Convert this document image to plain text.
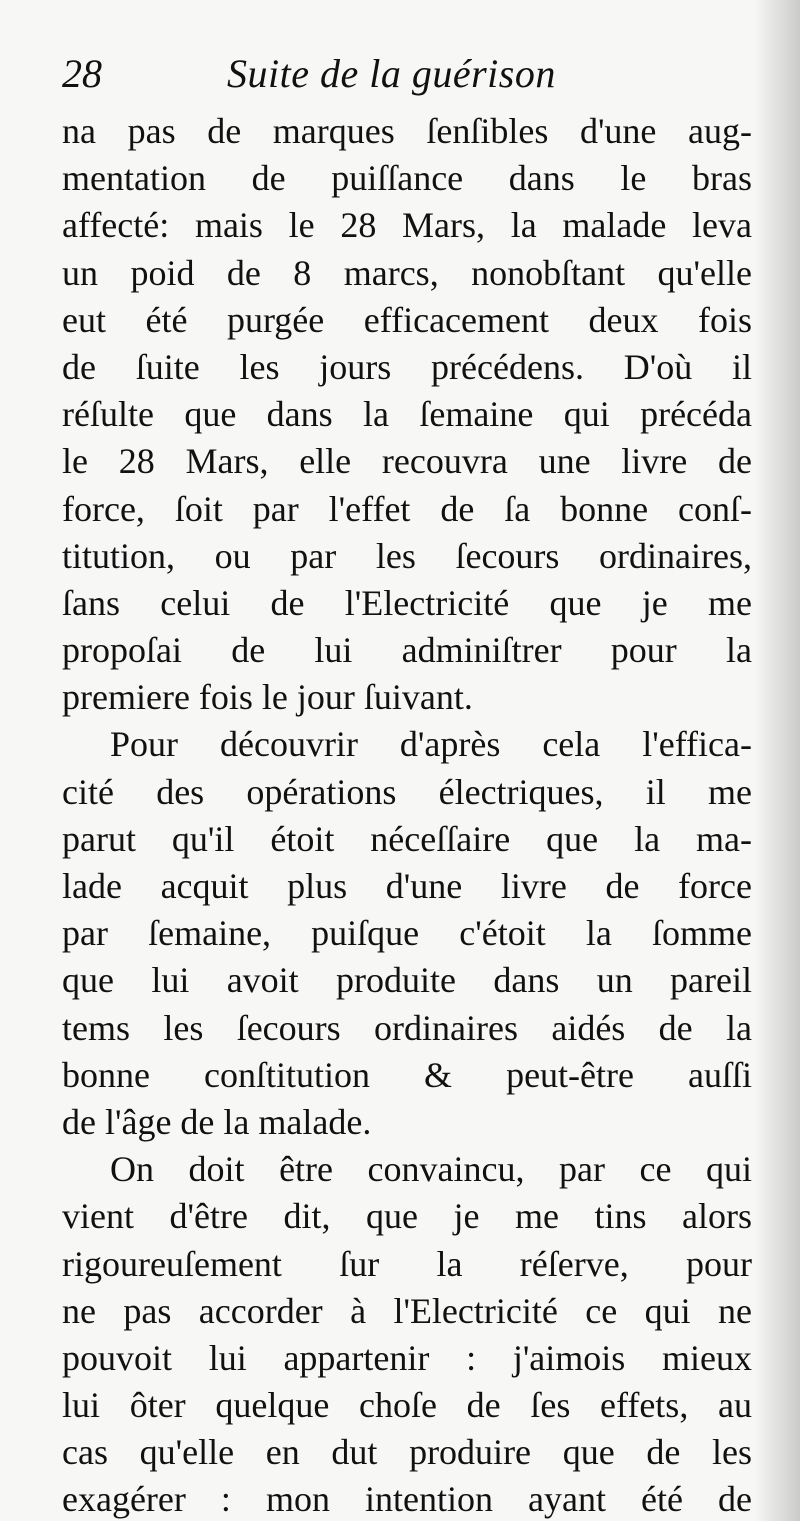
28	Suite de la guérison
na pas de marques ſenſibles d'une aug-
mentation de puiſſance dans le bras
affecté: mais le 28 Mars, la malade leva
un poid de 8 marcs, nonobſtant qu'elle
eut été purgée efficacement deux fois
de ſuite les jours précédens. D'où il
réſulte que dans la ſemaine qui précéda
le 28 Mars, elle recouvra une livre de
force, ſoit par l'effet de ſa bonne conſ-
titution, ou par les ſecours ordinaires,
ſans celui de l'Electricité que je me
propoſai de lui adminiſtrer pour la
premiere fois le jour ſuivant.
Pour découvrir d'après cela l'effica-
cité des opérations électriques, il me
parut qu'il étoit néceſſaire que la ma-
lade acquit plus d'une livre de force
par ſemaine, puiſque c'étoit la ſomme
que lui avoit produite dans un pareil
tems les ſecours ordinaires aidés de la
bonne conſtitution & peut-être auſſi
de l'âge de la malade.
On doit être convaincu, par ce qui
vient d'être dit, que je me tins alors
rigoureuſement ſur la réſerve, pour
ne pas accorder à l'Electricité ce qui ne
pouvoit lui appartenir : j'aimois mieux
lui ôter quelque choſe de ſes effets, au
cas qu'elle en dut produire que de les
exagérer : mon intention ayant été de
